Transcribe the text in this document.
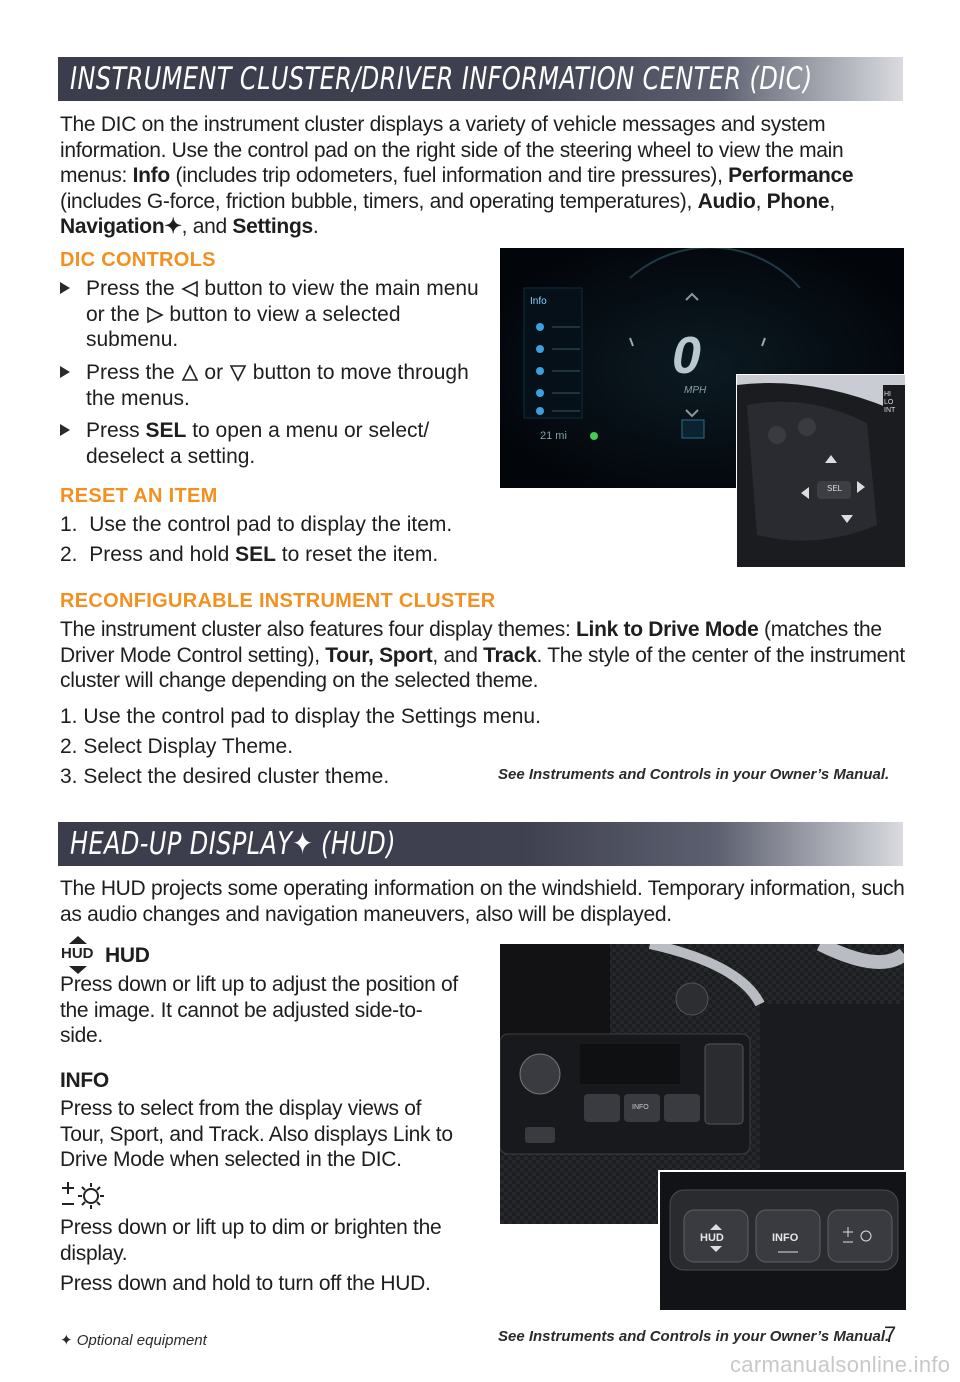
INSTRUMENT CLUSTER/DRIVER INFORMATION CENTER (DIC)
The DIC on the instrument cluster displays a variety of vehicle messages and system information. Use the control pad on the right side of the steering wheel to view the main menus: Info (includes trip odometers, fuel information and tire pressures), Performance (includes G-force, friction bubble, timers, and operating temperatures), Audio, Phone, Navigation✦, and Settings.
DIC CONTROLS
Press the button to view the main menu or the button to view a selected submenu.
Press the or button to move through the menus.
Press SEL to open a menu or select/ deselect a setting.
RESET AN ITEM
1. Use the control pad to display the item.
2. Press and hold SEL to reset the item.
RECONFIGURABLE INSTRUMENT CLUSTER
The instrument cluster also features four display themes: Link to Drive Mode (matches the Driver Mode Control setting), Tour, Sport, and Track. The style of the center of the instrument cluster will change depending on the selected theme.
1. Use the control pad to display the Settings menu.
2. Select Display Theme.
3. Select the desired cluster theme.	See Instruments and Controls in your Owner’s Manual.
Info
0
MPH
21 mi
SEL
HI LO INT
HEAD-UP DISPLAY✦ (HUD)
The HUD projects some operating information on the windshield. Temporary information, such as audio changes and navigation maneuvers, also will be displayed.
HUD HUD
Press down or lift up to adjust the position of the image. It cannot be adjusted side-to-side.
INFO
Press to select from the display views of Tour, Sport, and Track. Also displays Link to Drive Mode when selected in the DIC.
Press down or lift up to dim or brighten the display.
Press down and hold to turn off the HUD.
INFO
HUD	INFO
✦ Optional equipment	See Instruments and Controls in your Owner’s Manual.
7
carmanualsonline.info
